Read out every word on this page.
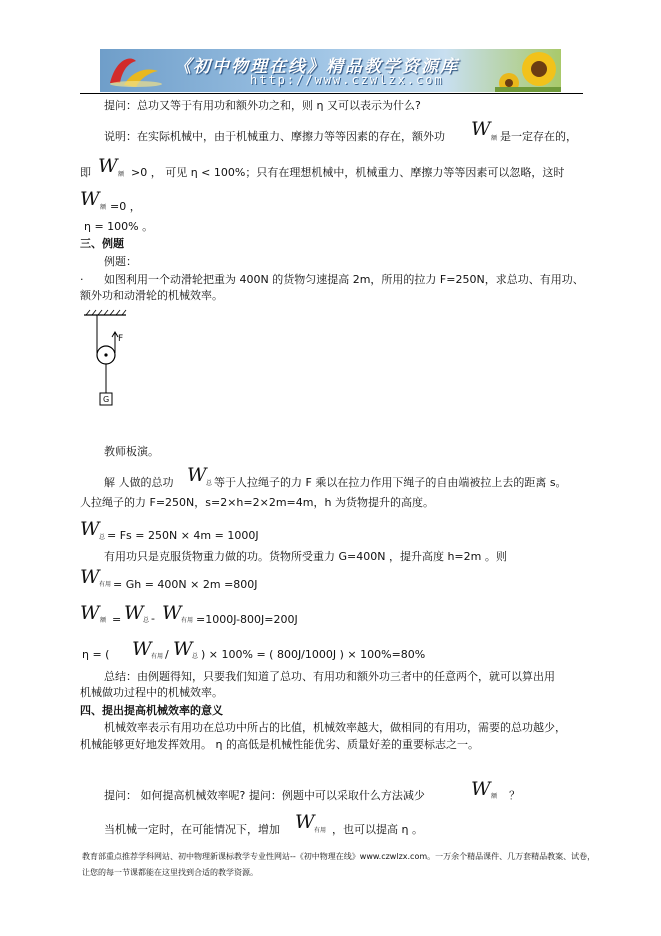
《初中物理在线》精品教学资源库
http://www.czwlzx.com
提问：总功又等于有用功和额外功之和，则 η 又可以表示为什么?
说明：在实际机械中，由于机械重力、摩擦力等等因素的存在，额外功 W 额 是一定存在的，
即 W 额 >0 ， 可见 η < 100%；只有在理想机械中，机械重力、摩擦力等等因素可以忽略，这时
W 额 =0 ，
η = 100% 。
三、例题
例题：
. 如图利用一个动滑轮把重为 400N 的货物匀速提高 2m，所用的拉力 F=250N，求总功、有用功、
额外功和动滑轮的机械效率。
F
G
教师板演。
解 人做的总功 W 总 等于人拉绳子的力 F 乘以在拉力作用下绳子的自由端被拉上去的距离 s。
人拉绳子的力 F=250N，s=2×h=2×2m=4m，h 为货物提升的高度。
W 总 = Fs = 250N × 4m = 1000J
有用功只是克服货物重力做的功。货物所受重力 G=400N ，提升高度 h=2m 。则
W 有用 = Gh = 400N × 2m =800J
W 额 = W 总 - W 有用 =1000J-800J=200J
η = ( W 有用 / W 总 ) × 100% = ( 800J/1000J ) × 100%=80%
总结：由例题得知，只要我们知道了总功、有用功和额外功三者中的任意两个，就可以算出用
机械做功过程中的机械效率。
四、提出提高机械效率的意义
机械效率表示有用功在总功中所占的比值，机械效率越大，做相同的有用功，需要的总功越少，
机械能够更好地发挥效用。 η 的高低是机械性能优劣、质量好差的重要标志之一。
提问： 如何提高机械效率呢? 提问：例题中可以采取什么方法减少 W 额 ？
当机械一定时，在可能情况下，增加 W 有用 ，也可以提高 η 。
教育部重点推荐学科网站、初中物理新课标教学专业性网站--《初中物理在线》www.czwlzx.com。一万余个精品课件、几万套精品教案、试卷，让您的每一节课都能在这里找到合适的教学资源。
